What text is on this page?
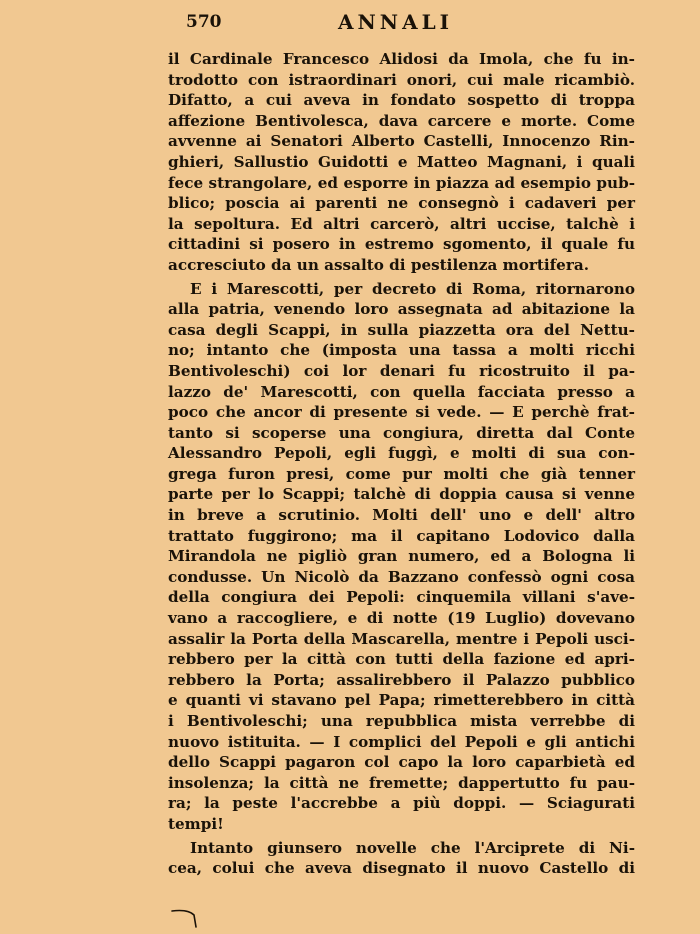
570	ANNALI
il Cardinale Francesco Alidosi da Imola, che fu in-
trodotto con istraordinari onori, cui male ricambiò.
Difatto, a cui aveva in fondato sospetto di troppa
affezione Bentivolesca, dava carcere e morte. Come
avvenne ai Senatori Alberto Castelli, Innocenzo Rin-
ghieri, Sallustio Guidotti e Matteo Magnani, i quali
fece strangolare, ed esporre in piazza ad esempio pub-
blico; poscia ai parenti ne consegnò i cadaveri per
la sepoltura. Ed altri carcerò, altri uccise, talchè i
cittadini si posero in estremo sgomento, il quale fu
accresciuto da un assalto di pestilenza mortifera.
E i Marescotti, per decreto di Roma, ritornarono
alla patria, venendo loro assegnata ad abitazione la
casa degli Scappi, in sulla piazzetta ora del Nettu-
no; intanto che (imposta una tassa a molti ricchi
Bentivoleschi) coi lor denari fu ricostruito il pa-
lazzo de' Marescotti, con quella facciata presso a
poco che ancor di presente si vede. — E perchè frat-
tanto si scoperse una congiura, diretta dal Conte
Alessandro Pepoli, egli fuggì, e molti di sua con-
grega furon presi, come pur molti che già tenner
parte per lo Scappi; talchè di doppia causa si venne
in breve a scrutinio. Molti dell' uno e dell' altro
trattato fuggirono; ma il capitano Lodovico dalla
Mirandola ne pigliò gran numero, ed a Bologna li
condusse. Un Nicolò da Bazzano confessò ogni cosa
della congiura dei Pepoli: cinquemila villani s'ave-
vano a raccogliere, e di notte (19 Luglio) dovevano
assalir la Porta della Mascarella, mentre i Pepoli usci-
rebbero per la città con tutti della fazione ed apri-
rebbero la Porta; assalirebbero il Palazzo pubblico
e quanti vi stavano pel Papa; rimetterebbero in città
i Bentivoleschi; una repubblica mista verrebbe di
nuovo istituita. — I complici del Pepoli e gli antichi
dello Scappi pagaron col capo la loro caparbietà ed
insolenza; la città ne fremette; dappertutto fu pau-
ra; la peste l'accrebbe a più doppi. — Sciagurati
tempi!
Intanto giunsero novelle che l'Arciprete di Ni-
cea, colui che aveva disegnato il nuovo Castello di
